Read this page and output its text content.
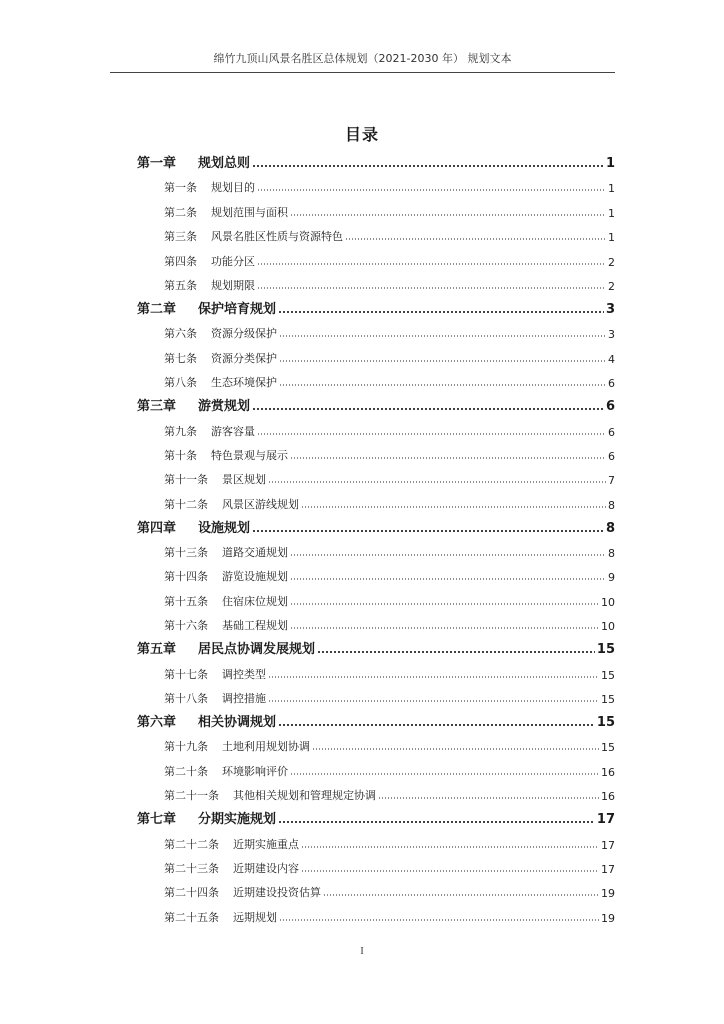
绵竹九顶山风景名胜区总体规划（2021-2030 年） 规划文本
目录
第一章 规划总则	1
第一条 规划目的	1
第二条 规划范围与面积	1
第三条 风景名胜区性质与资源特色	1
第四条 功能分区	2
第五条 规划期限	2
第二章 保护培育规划	3
第六条 资源分级保护	3
第七条 资源分类保护	4
第八条 生态环境保护	6
第三章 游赏规划	6
第九条 游客容量	6
第十条 特色景观与展示	6
第十一条 景区规划	7
第十二条 风景区游线规划	8
第四章 设施规划	8
第十三条 道路交通规划	8
第十四条 游览设施规划	9
第十五条 住宿床位规划	10
第十六条 基础工程规划	10
第五章 居民点协调发展规划	15
第十七条 调控类型	15
第十八条 调控措施	15
第六章 相关协调规划	15
第十九条 土地利用规划协调	15
第二十条 环境影响评价	16
第二十一条 其他相关规划和管理规定协调	16
第七章 分期实施规划	17
第二十二条 近期实施重点	17
第二十三条 近期建设内容	17
第二十四条 近期建设投资估算	19
第二十五条 远期规划	19
I
